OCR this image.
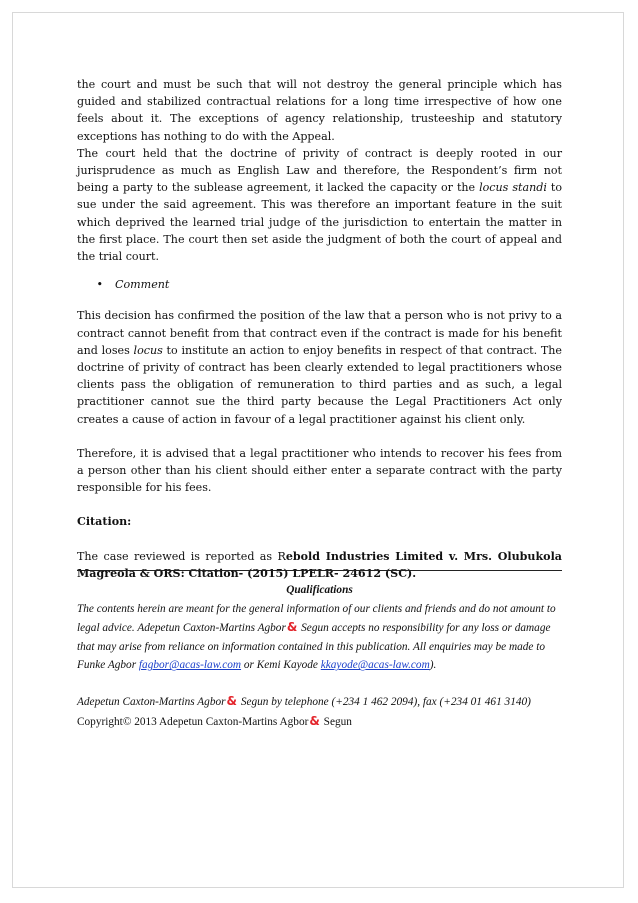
the court and must be such that will not destroy the general principle which has guided and stabilized contractual relations for a long time irrespective of how one feels about it. The exceptions of agency relationship, trusteeship and statutory exceptions has nothing to do with the Appeal.

The court held that the doctrine of privity of contract is deeply rooted in our jurisprudence as much as English Law and therefore, the Respondent’s firm not being a party to the sublease agreement, it lacked the capacity or the locus standi to sue under the said agreement. This was therefore an important feature in the suit which deprived the learned trial judge of the jurisdiction to entertain the matter in the first place. The court then set aside the judgment of both the court of appeal and the trial court.

•	Comment

This decision has confirmed the position of the law that a person who is not privy to a contract cannot benefit from that contract even if the contract is made for his benefit and loses locus to institute an action to enjoy benefits in respect of that contract. The doctrine of privity of contract has been clearly extended to legal practitioners whose clients pass the obligation of remuneration to third parties and as such, a legal practitioner cannot sue the third party because the Legal Practitioners Act only creates a cause of action in favour of a legal practitioner against his client only.

Therefore, it is advised that a legal practitioner who intends to recover his fees from a person other than his client should either enter a separate contract with the party responsible for his fees.

Citation:

The case reviewed is reported as Rebold Industries Limited v. Mrs. Olubukola Magreola & ORS: Citation- (2015) LPELR- 24612 (SC).

Qualifications
The contents herein are meant for the general information of our clients and friends and do not amount to legal advice. Adepetun Caxton-Martins Agbor& Segun accepts no responsibility for any loss or damage that may arise from reliance on information contained in this publication. All enquiries may be made to Funke Agbor fagbor@acas-law.com or Kemi Kayode kkayode@acas-law.com).
Adepetun Caxton-Martins Agbor& Segun by telephone (+234 1 462 2094), fax (+234 01 461 3140)
Copyright© 2013 Adepetun Caxton-Martins Agbor& Segun
